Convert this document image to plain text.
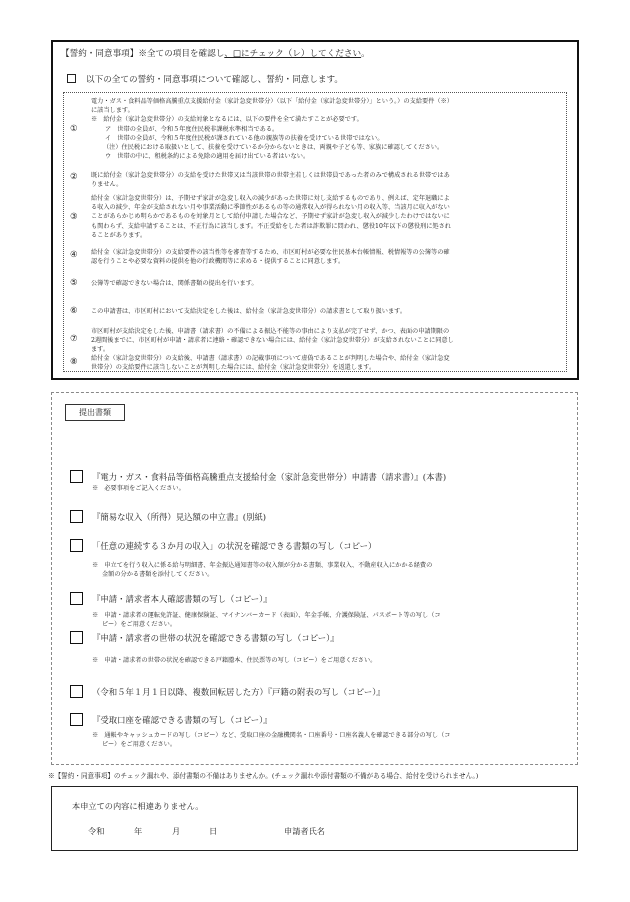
【誓約・同意事項】※全ての項目を確認し、□にチェック（レ）してください。
以下の全ての誓約・同意事項について確認し、誓約・同意します。
①
電力・ガス・食料品等価格高騰重点支援給付金（家計急変世帯分）（以下「給付金（家計急変世帯分）」という。）の支給要件（※）
に該当します。
※　給付金（家計急変世帯分）の支給対象となるには、以下の要件を全て満たすことが必要です。
ア　世帯の全員が、令和５年度住民税非課税水準相当である。
イ　世帯の全員が、令和５年度住民税が課されている他の親族等の扶養を受けている世帯ではない。
（注）住民税における取扱いとして、扶養を受けているか分からないときは、両親や子ども等、家族に確認してください。
ウ　世帯の中に、租税条約による免除の適用を届け出ている者はいない。
② 既に給付金（家計急変世帯分）の支給を受けた世帯又は当該世帯の世帯主若しくは世帯員であった者のみで構成される世帯ではあ
りません。
③
給付金（家計急変世帯分）は、予期せず家計が急変し収入の減少があった世帯に対し支給するものであり、例えば、定年退職によ
る収入の減少、年金が支給されない月や事業活動に季節性があるもの等の通常収入が得られない月の収入等、当該月に収入がない
ことがあらかじめ明らかであるものを対象月として給付申請した場合など、予期せず家計が急変し収入が減少したわけではないに
も関わらず、支給申請することは、不正行為に該当します。不正受給をした者は詐欺罪に問われ、懲役10年以下の懲役刑に処され
ることがあります。
④ 給付金（家計急変世帯分）の支給要件の該当性等を審査等するため、市区町村が必要な住民基本台帳情報、税情報等の公簿等の確
認を行うことや必要な資料の提供を他の行政機関等に求める・提供することに同意します。
⑤ 公簿等で確認できない場合は、関係書類の提出を行います。
⑥ この申請書は、市区町村において支給決定をした後は、給付金（家計急変世帯分）の請求書として取り扱います。
⑦
市区町村が支給決定をした後、申請書（請求書）の不備による振込不能等の事由により支払が完了せず、かつ、表面の申請期限の
2週間後までに、市区町村が申請・請求者に連絡・確認できない場合には、給付金（家計急変世帯分）が支給されないことに同意し
ます。
⑧ 給付金（家計急変世帯分）の支給後、申請書（請求書）の記載事項について虚偽であることが判明した場合や、給付金（家計急変
世帯分）の支給要件に該当しないことが判明した場合には、給付金（家計急変世帯分）を返還します。
提出書類
『電力・ガス・食料品等価格高騰重点支援給付金（家計急変世帯分）申請書（請求書）』(本書)
※　必要事項をご記入ください。
『簡易な収入（所得）見込額の申立書』(別紙)
「任意の連続する３か月の収入」の状況を確認できる書類の写し（コピー）
※　申立てを行う収入に係る給与明細書、年金振込通知書等の収入額が分かる書類、事業収入、不動産収入にかかる経費の
金額の分かる書類を添付してください。
『申請・請求者本人確認書類の写し（コピー）』
※　申請・請求者の運転免許証、健康保険証、マイナンバーカード（表面）、年金手帳、介護保険証、パスポート等の写し（コ
ピー）をご用意ください。
『申請・請求者の世帯の状況を確認できる書類の写し（コピー）』
※　申請・請求者の世帯の状況を確認できる戸籍謄本、住民票等の写し（コピー）をご用意ください。
（令和５年１月１日以降、複数回転居した方）『戸籍の附表の写し（コピー）』
『受取口座を確認できる書類の写し（コピー）』
※　通帳やキャッシュカードの写し（コピー）など、受取口座の金融機関名・口座番号・口座名義人を確認できる部分の写し（コ
ピー）をご用意ください。
※【誓約・同意事項】のチェック漏れや、添付書類の不備はありませんか。(チェック漏れや添付書類の不備がある場合、給付を受けられません。)
本申立ての内容に相違ありません。
令和	年	月	日	申請者氏名
